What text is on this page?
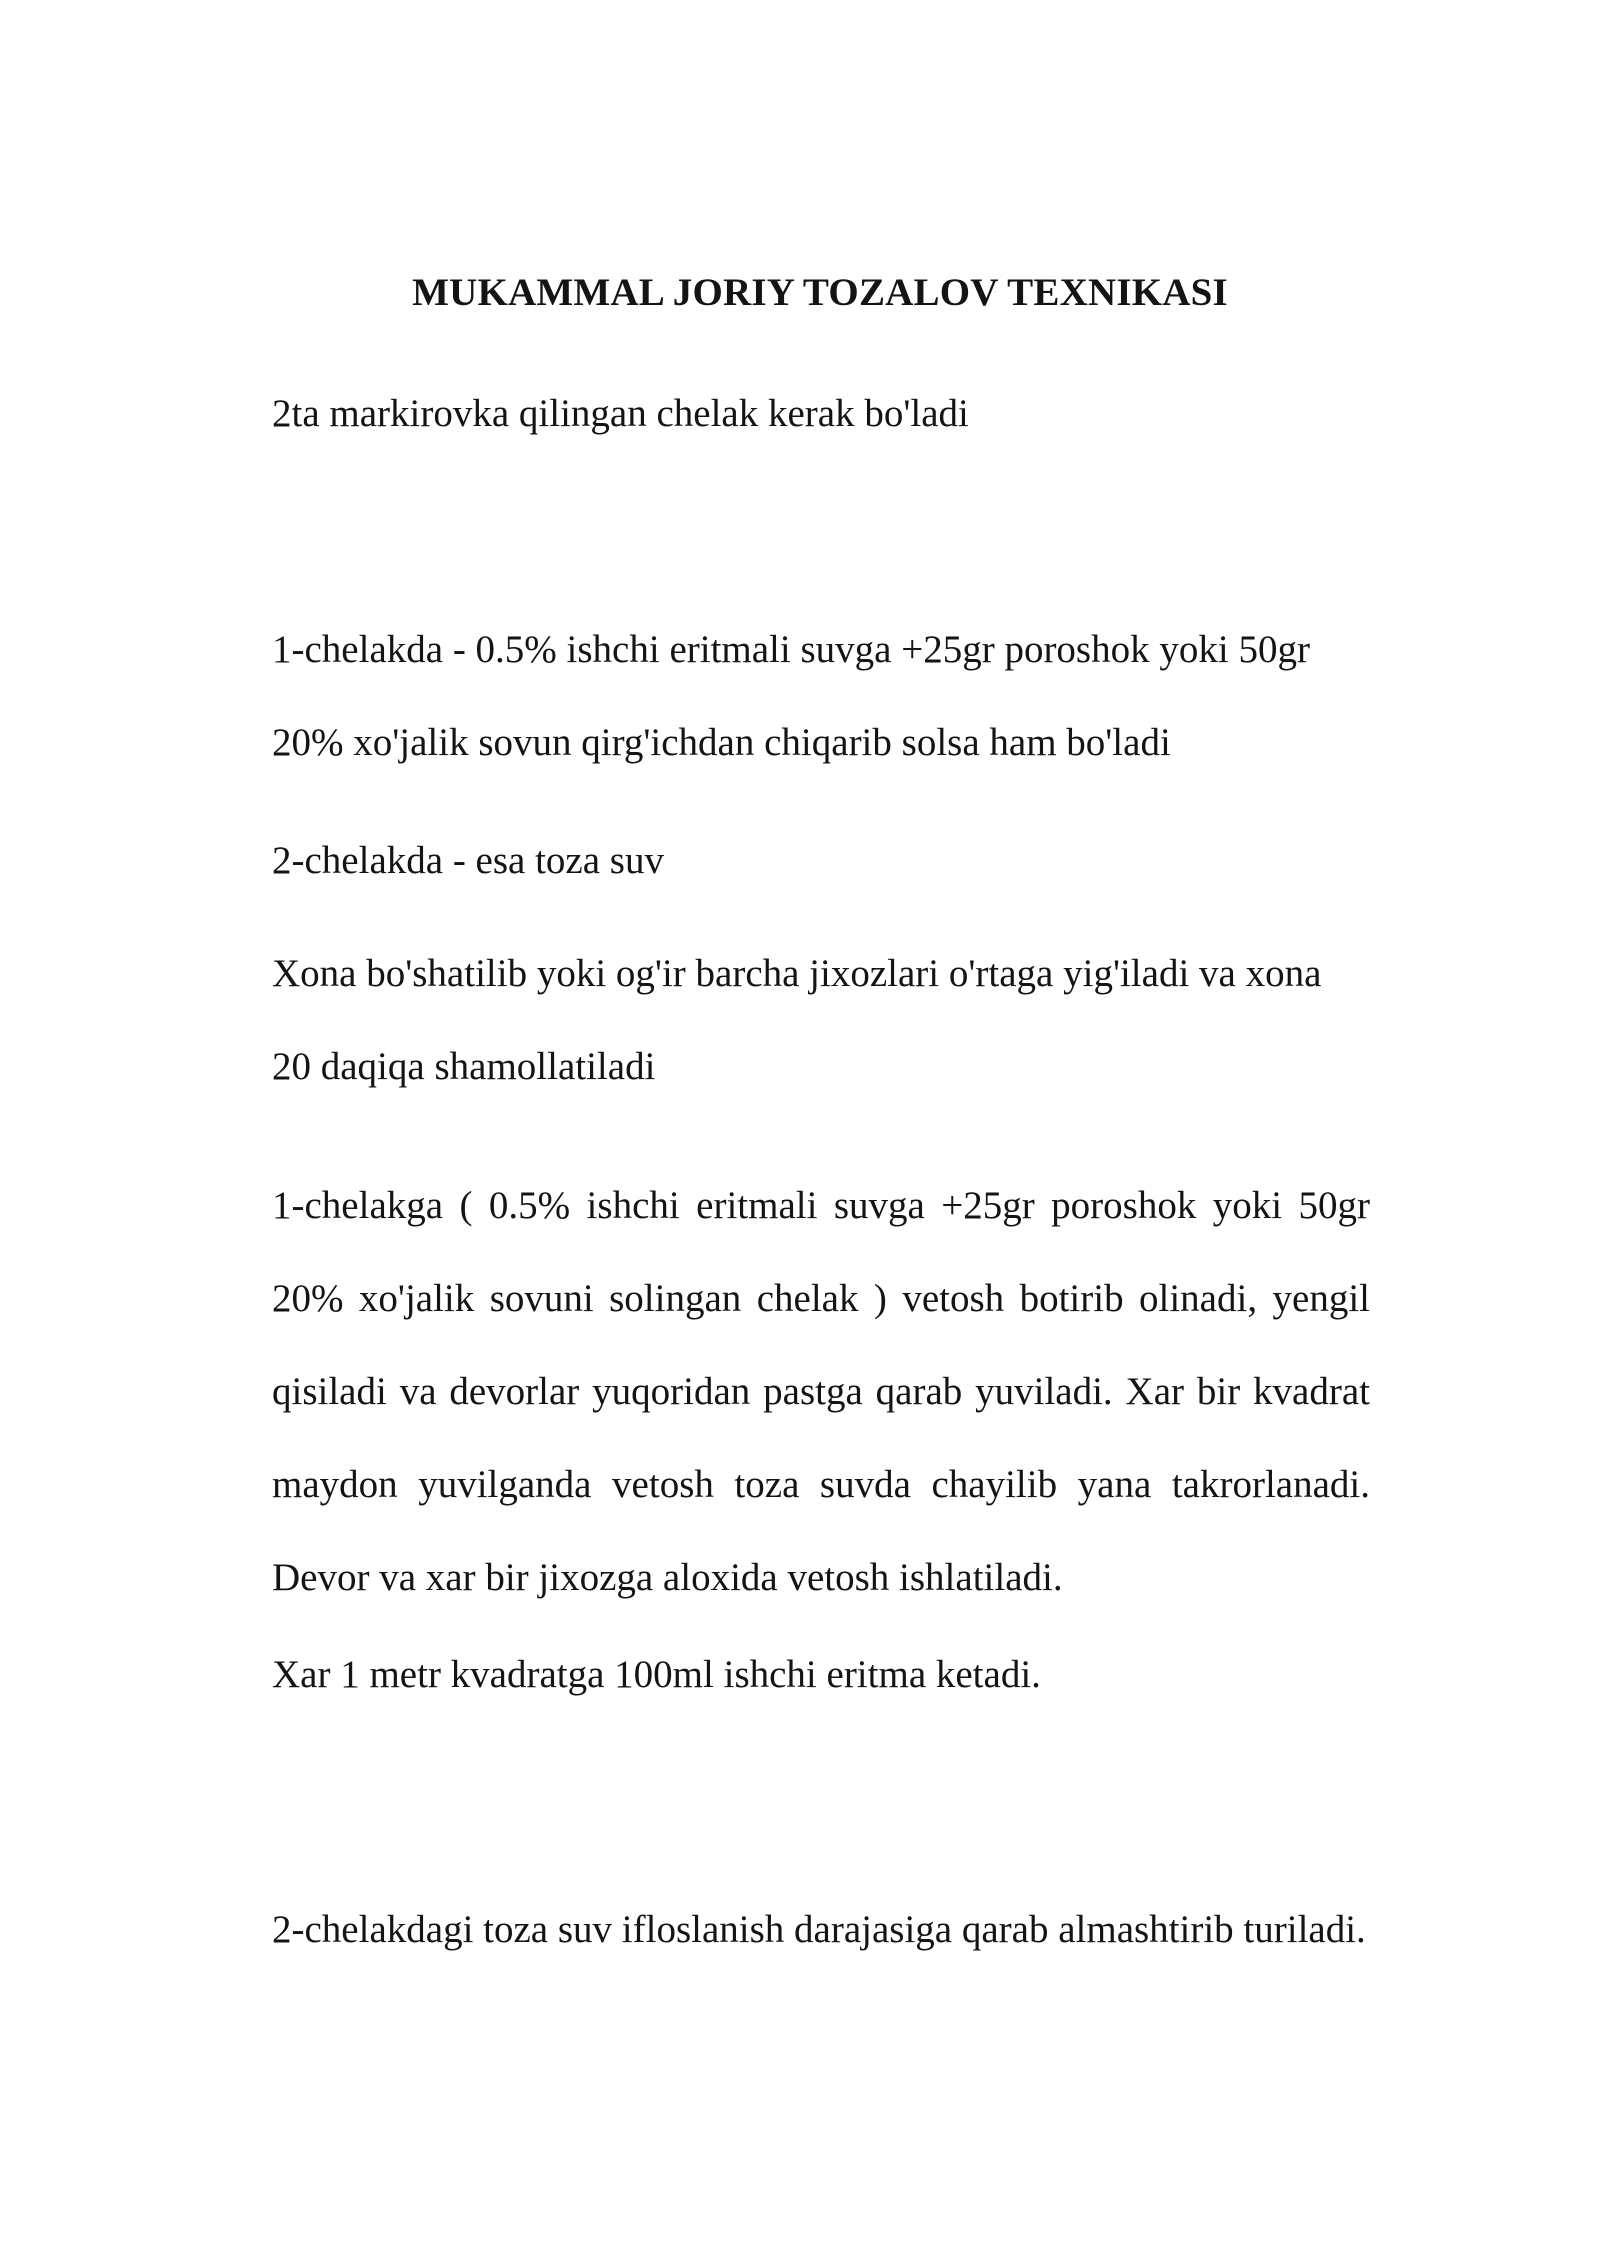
MUKAMMAL JORIY TOZALOV TEXNIKASI

2ta markirovka qilingan chelak kerak bo'ladi

1-chelakda - 0.5% ishchi eritmali suvga +25gr poroshok yoki 50gr 20% xo'jalik sovun qirg'ichdan chiqarib solsa ham bo'ladi

2-chelakda - esa toza suv

Xona bo'shatilib yoki og'ir barcha jixozlari o'rtaga yig'iladi va xona 20 daqiqa shamollatiladi

1-chelakga ( 0.5% ishchi eritmali suvga +25gr poroshok yoki 50gr 20% xo'jalik sovuni solingan chelak ) vetosh botirib olinadi, yengil qisiladi va devorlar yuqoridan pastga qarab yuviladi. Xar bir kvadrat maydon yuvilganda vetosh toza suvda chayilib yana takrorlanadi. Devor va xar bir jixozga aloxida vetosh ishlatiladi.

Xar 1 metr kvadratga 100ml ishchi eritma ketadi.

2-chelakdagi toza suv ifloslanish darajasiga qarab almashtirib turiladi.
